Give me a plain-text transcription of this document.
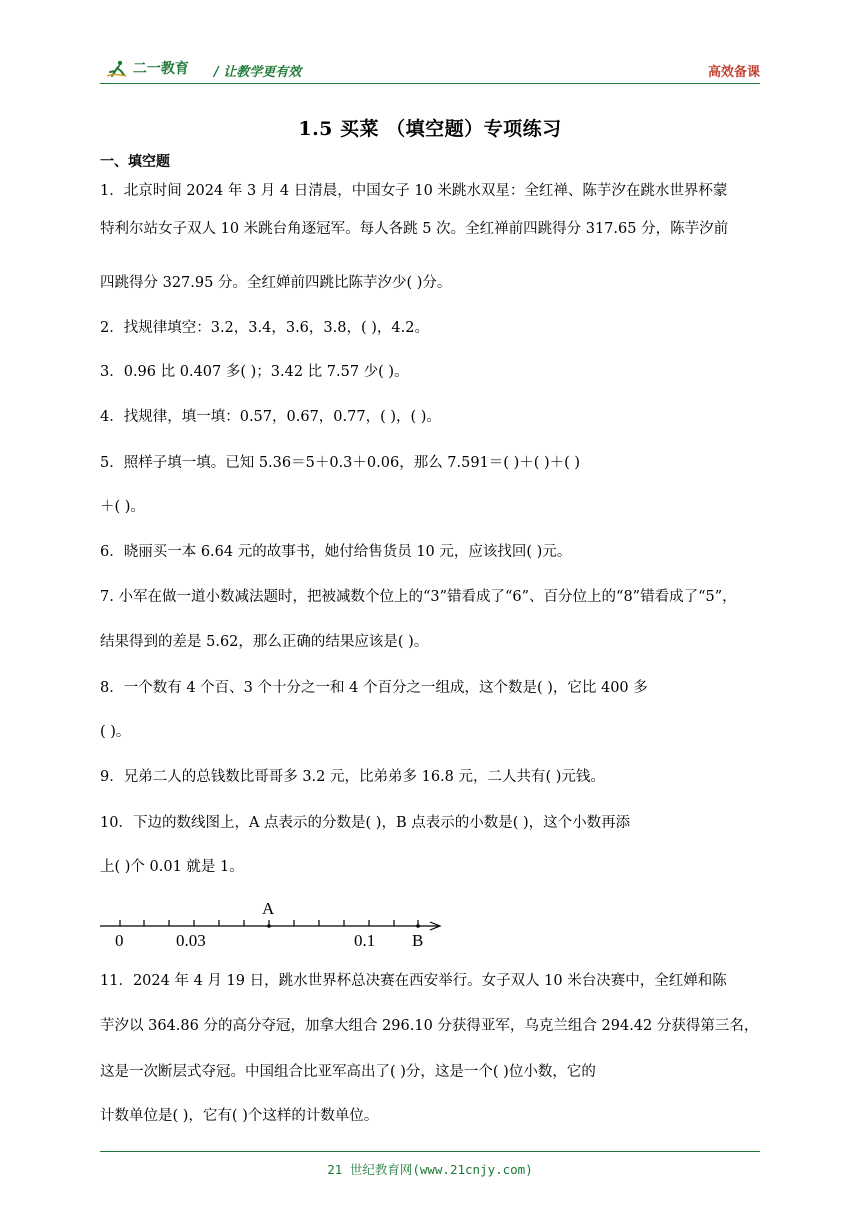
二一教育 / 让教学更有效	高效备课
1.5 买菜 （填空题）专项练习
一、填空题
1．北京时间 2024 年 3 月 4 日清晨，中国女子 10 米跳水双星：全红禅、陈芋汐在跳水世界杯蒙
特利尔站女子双人 10 米跳台角逐冠军。每人各跳 5 次。全红禅前四跳得分 317.65 分，陈芋汐前
四跳得分 327.95 分。全红婵前四跳比陈芋汐少( )分。
2．找规律填空：3.2，3.4，3.6，3.8，( )，4.2。
3．0.96 比 0.407 多( )；3.42 比 7.57 少( )。
4．找规律，填一填：0.57，0.67，0.77，( )，( )。
5．照样子填一填。已知 5.36＝5＋0.3＋0.06，那么 7.591＝( )＋( )＋( )
＋( )。
6．晓丽买一本 6.64 元的故事书，她付给售货员 10 元，应该找回( )元。
7. 小军在做一道小数减法题时，把被减数个位上的“3”错看成了“6”、百分位上的“8”错看成了“5”，
结果得到的差是 5.62，那么正确的结果应该是( )。
8．一个数有 4 个百、3 个十分之一和 4 个百分之一组成，这个数是( )，它比 400 多
( )。
9．兄弟二人的总钱数比哥哥多 3.2 元，比弟弟多 16.8 元，二人共有( )元钱。
10．下边的数线图上，A 点表示的分数是( )，B 点表示的小数是( )，这个小数再添
上( )个 0.01 就是 1。
A
0	0.03	0.1 B
11．2024 年 4 月 19 日，跳水世界杯总决赛在西安举行。女子双人 10 米台决赛中，全红婵和陈
芋汐以 364.86 分的高分夺冠，加拿大组合 296.10 分获得亚军，乌克兰组合 294.42 分获得第三名，
这是一次断层式夺冠。中国组合比亚军高出了( )分，这是一个( )位小数，它的
计数单位是( )，它有( )个这样的计数单位。
21 世纪教育网(www.21cnjy.com)
